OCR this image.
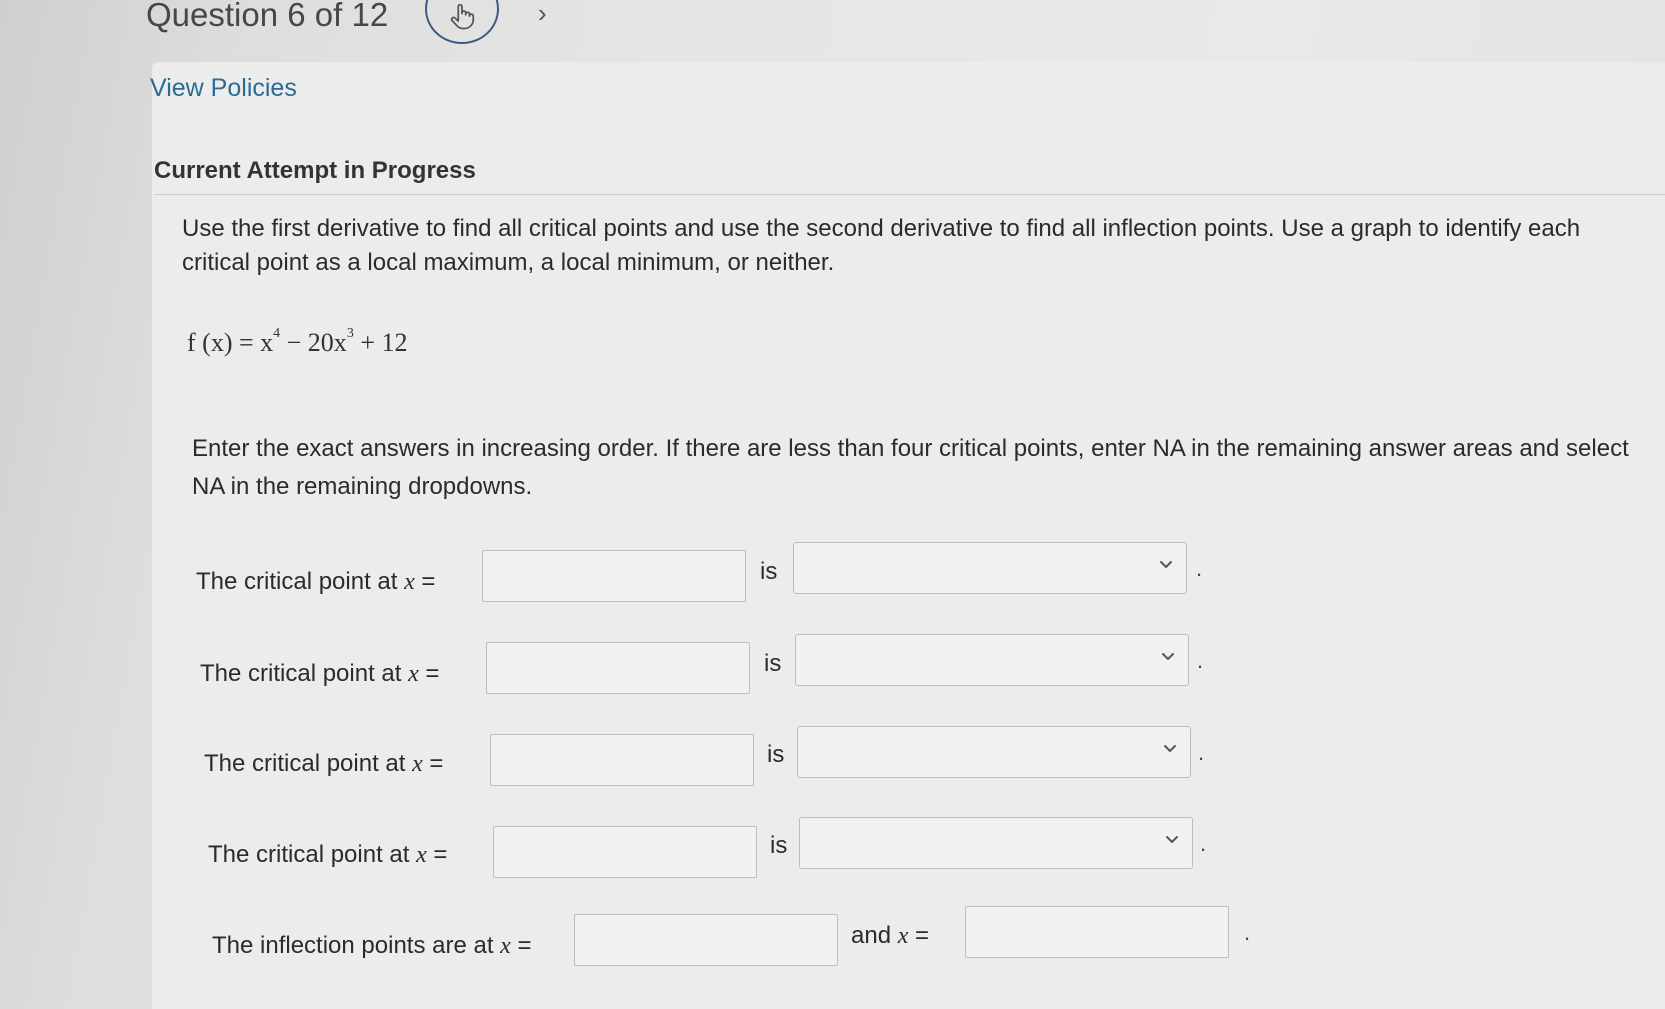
Question 6 of 12	›
View Policies
Current Attempt in Progress
Use the first derivative to find all critical points and use the second derivative to find all inflection points. Use a graph to identify each critical point as a local maximum, a local minimum, or neither.
f $(x) = x^4 - 20x^3 + 12$
Enter the exact answers in increasing order. If there are less than four critical points, enter NA in the remaining answer areas and select NA in the remaining dropdowns.
The critical point at x =	is	.
The critical point at x =	is	.
The critical point at x =	is	.
The critical point at x =	is	.
The inflection points are at x =	and x =	.
